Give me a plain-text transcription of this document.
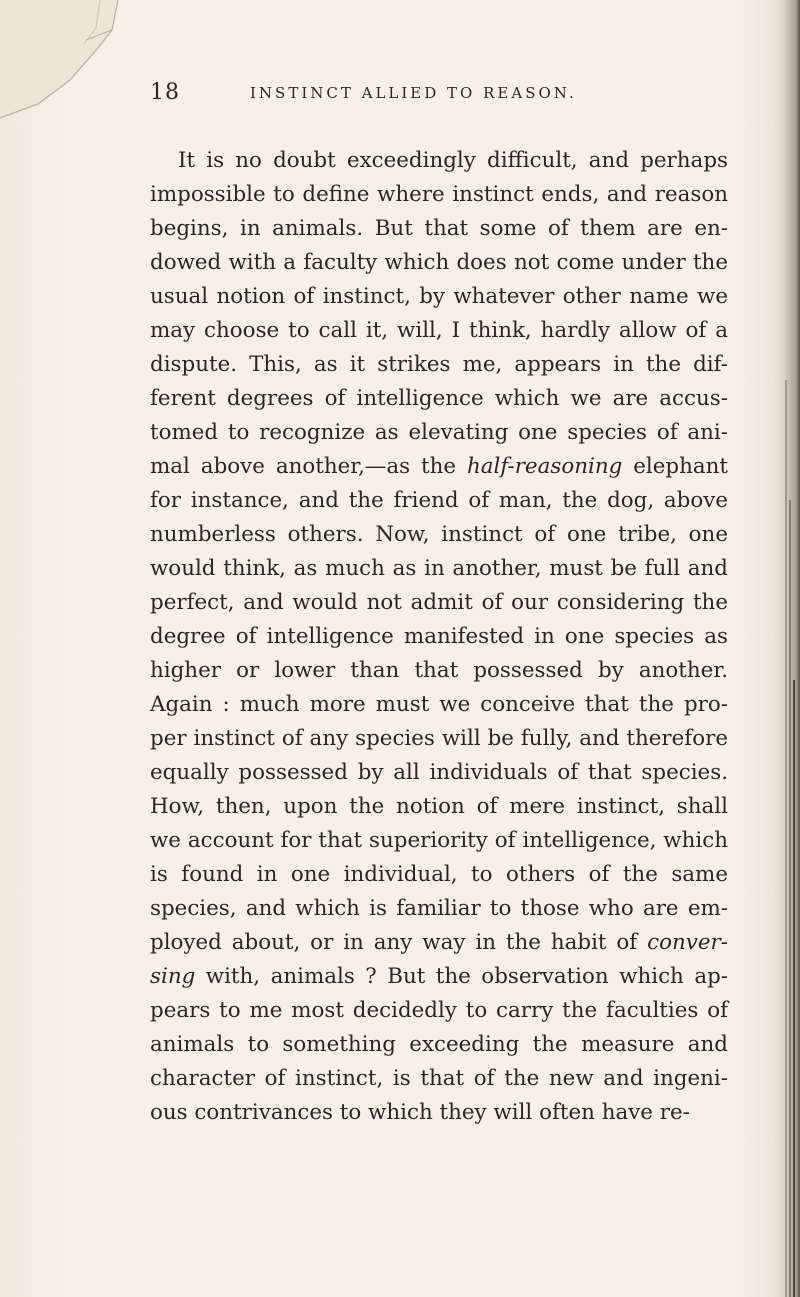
18	INSTINCT ALLIED TO REASON.
It is no doubt exceedingly difficult, and perhaps
impossible to define where instinct ends, and reason
begins, in animals. But that some of them are en-
dowed with a faculty which does not come under the
usual notion of instinct, by whatever other name we
may choose to call it, will, I think, hardly allow of a
dispute. This, as it strikes me, appears in the dif-
ferent degrees of intelligence which we are accus-
tomed to recognize as elevating one species of ani-
mal above another,—as the half-reasoning elephant
for instance, and the friend of man, the dog, above
numberless others. Now, instinct of one tribe, one
would think, as much as in another, must be full and
perfect, and would not admit of our considering the
degree of intelligence manifested in one species as
higher or lower than that possessed by another.
Again : much more must we conceive that the pro-
per instinct of any species will be fully, and therefore
equally possessed by all individuals of that species.
How, then, upon the notion of mere instinct, shall
we account for that superiority of intelligence, which
is found in one individual, to others of the same
species, and which is familiar to those who are em-
ployed about, or in any way in the habit of conver-
sing with, animals ? But the observation which ap-
pears to me most decidedly to carry the faculties of
animals to something exceeding the measure and
character of instinct, is that of the new and ingeni-
ous contrivances to which they will often have re-
